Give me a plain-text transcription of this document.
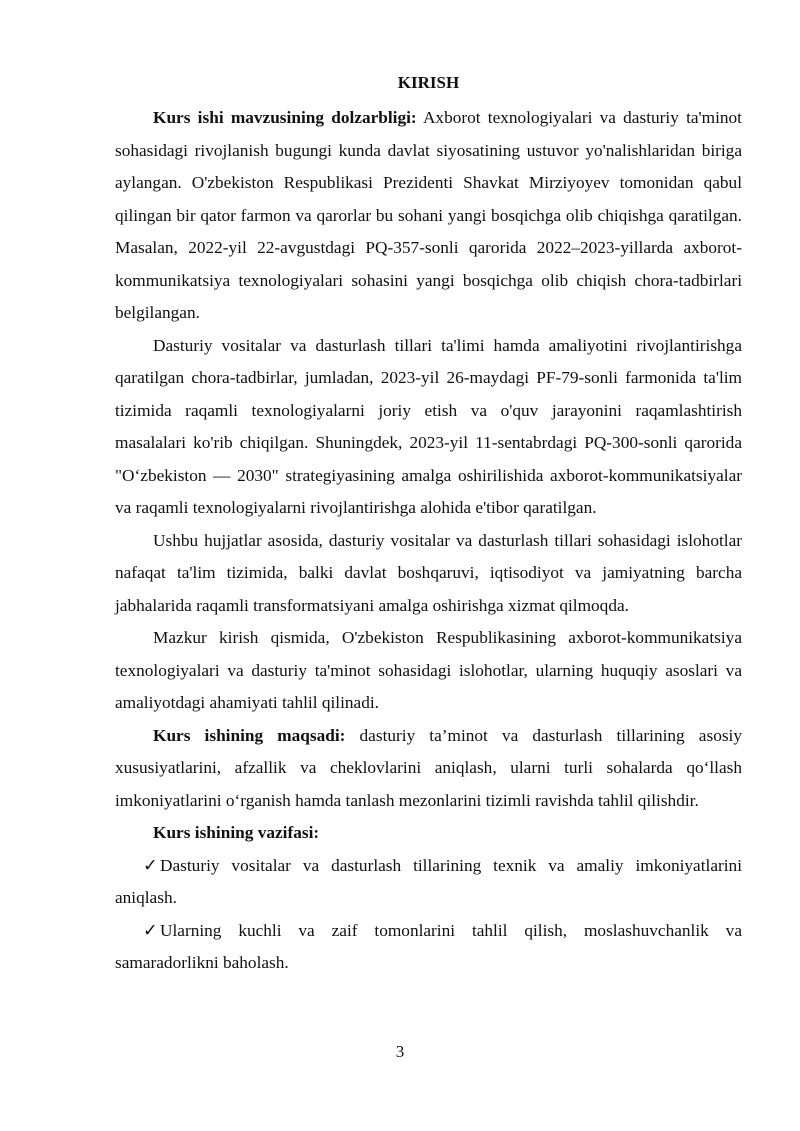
KIRISH

Kurs ishi mavzusining dolzarbligi: Axborot texnologiyalari va dasturiy ta'minot sohasidagi rivojlanish bugungi kunda davlat siyosatining ustuvor yo'nalishlaridan biriga aylangan. O'zbekiston Respublikasi Prezidenti Shavkat Mirziyoyev tomonidan qabul qilingan bir qator farmon va qarorlar bu sohani yangi bosqichga olib chiqishga qaratilgan. Masalan, 2022-yil 22-avgustdagi PQ-357-sonli qarorida 2022–2023-yillarda axborot-kommunikatsiya texnologiyalari sohasini yangi bosqichga olib chiqish chora-tadbirlari belgilangan.

Dasturiy vositalar va dasturlash tillari ta'limi hamda amaliyotini rivojlantirishga qaratilgan chora-tadbirlar, jumladan, 2023-yil 26-maydagi PF-79-sonli farmonida ta'lim tizimida raqamli texnologiyalarni joriy etish va o'quv jarayonini raqamlashtirish masalalari ko'rib chiqilgan. Shuningdek, 2023-yil 11-sentabrdagi PQ-300-sonli qarorida "O‘zbekiston — 2030" strategiyasining amalga oshirilishida axborot-kommunikatsiyalar va raqamli texnologiyalarni rivojlantirishga alohida e'tibor qaratilgan.

Ushbu hujjatlar asosida, dasturiy vositalar va dasturlash tillari sohasidagi islohotlar nafaqat ta'lim tizimida, balki davlat boshqaruvi, iqtisodiyot va jamiyatning barcha jabhalarida raqamli transformatsiyani amalga oshirishga xizmat qilmoqda.

Mazkur kirish qismida, O'zbekiston Respublikasining axborot-kommunikatsiya texnologiyalari va dasturiy ta'minot sohasidagi islohotlar, ularning huquqiy asoslari va amaliyotdagi ahamiyati tahlil qilinadi.

Kurs ishining maqsadi: dasturiy ta’minot va dasturlash tillarining asosiy xususiyatlarini, afzallik va cheklovlarini aniqlash, ularni turli sohalarda qo‘llash imkoniyatlarini o‘rganish hamda tanlash mezonlarini tizimli ravishda tahlil qilishdir.

Kurs ishining vazifasi:

✓ Dasturiy vositalar va dasturlash tillarining texnik va amaliy imkoniyatlarini aniqlash.

✓ Ularning kuchli va zaif tomonlarini tahlil qilish, moslashuvchanlik va samaradorlikni baholash.

3
